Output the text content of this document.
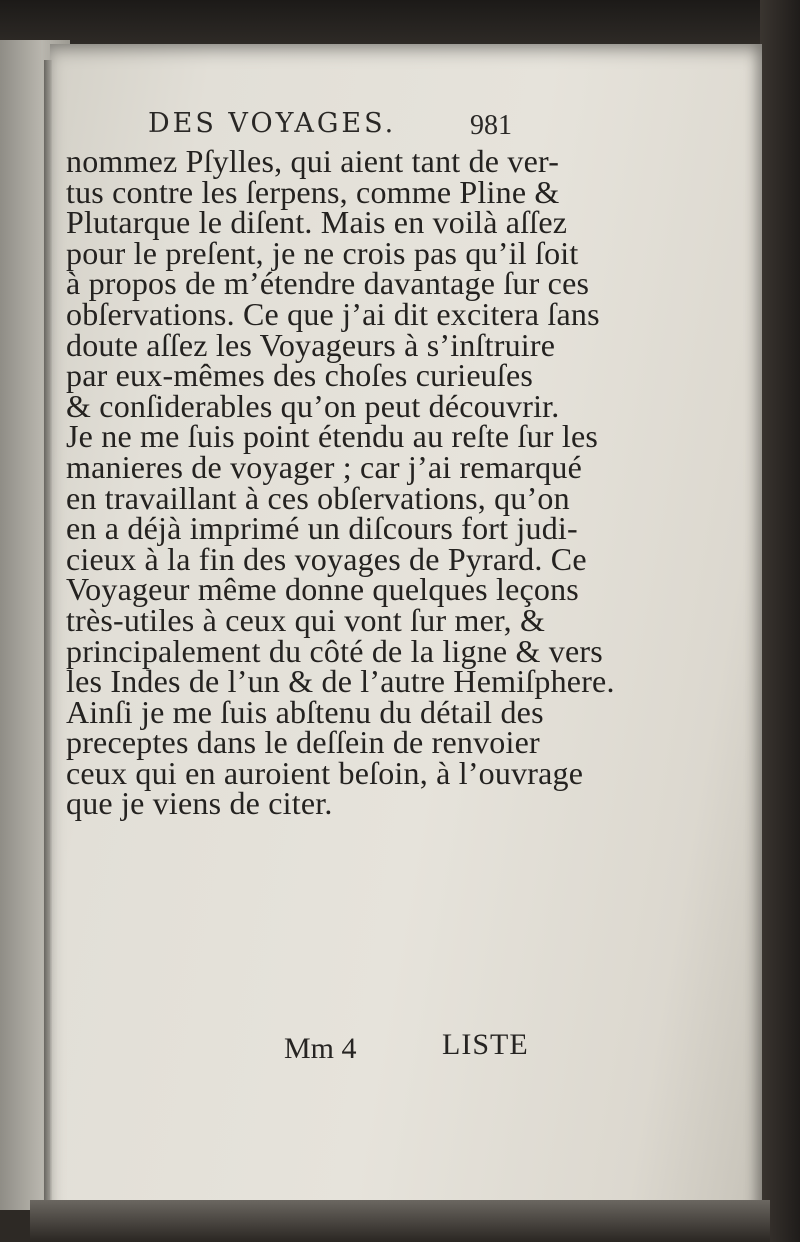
DES VOYAGES.	981
nommez Pſylles, qui aient tant de ver-
tus contre les ſerpens, comme Pline &
Plutarque le diſent. Mais en voilà aſſez
pour le preſent, je ne crois pas qu’il ſoit
à propos de m’étendre davantage ſur ces
obſervations. Ce que j’ai dit excitera ſans
doute aſſez les Voyageurs à s’inſtruire
par eux-mêmes des choſes curieuſes
& conſiderables qu’on peut découvrir.
Je ne me ſuis point étendu au reſte ſur les
manieres de voyager ; car j’ai remarqué
en travaillant à ces obſervations, qu’on
en a déjà imprimé un diſcours fort judi-
cieux à la fin des voyages de Pyrard. Ce
Voyageur même donne quelques leçons
très-utiles à ceux qui vont ſur mer, &
principalement du côté de la ligne & vers
les Indes de l’un & de l’autre Hemiſphere.
Ainſi je me ſuis abſtenu du détail des
preceptes dans le deſſein de renvoier
ceux qui en auroient beſoin, à l’ouvrage
que je viens de citer.
Mm 4	LISTE
